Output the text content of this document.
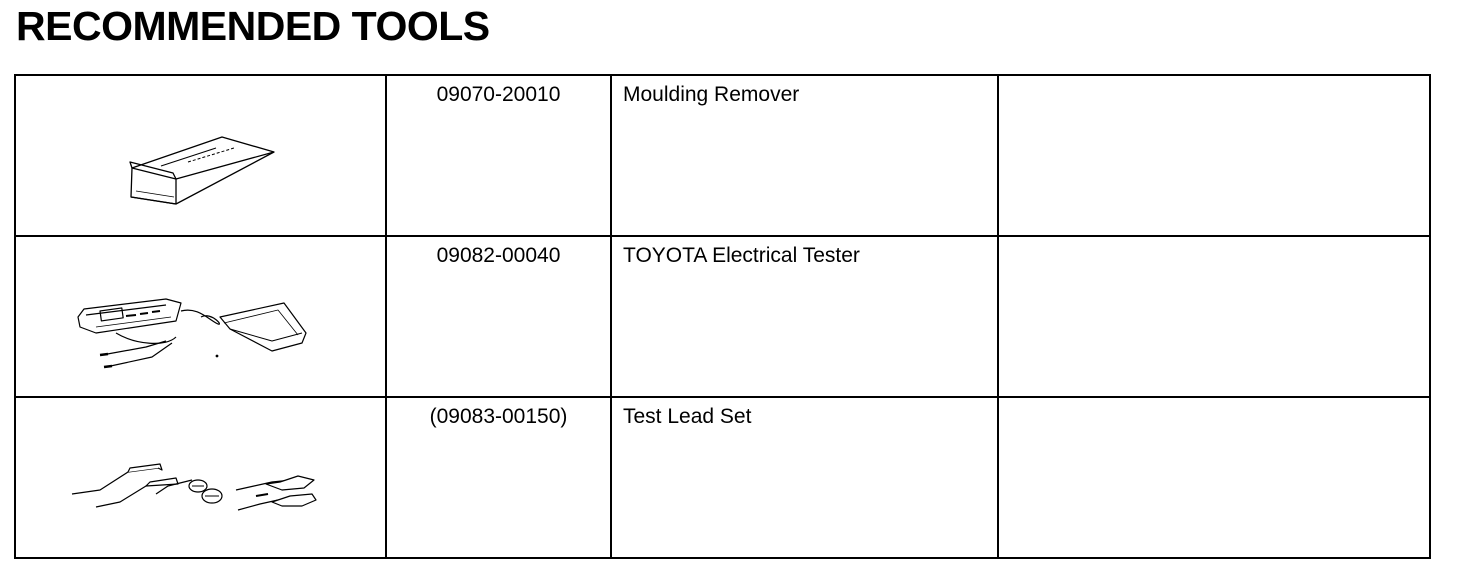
RECOMMENDED TOOLS

09070-20010	Moulding Remover	

09082-00040	TOYOTA Electrical Tester	

(09083-00150)	Test Lead Set	
